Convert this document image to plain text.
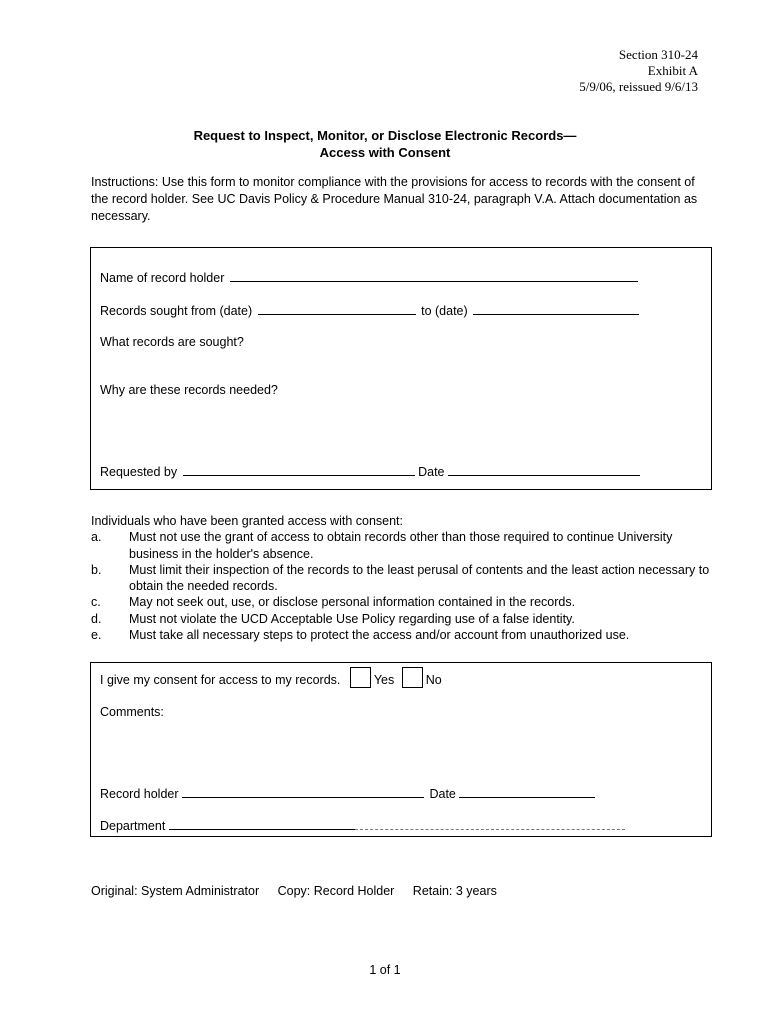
Section 310-24
Exhibit A
5/9/06, reissued 9/6/13
Request to Inspect, Monitor, or Disclose Electronic Records—
Access with Consent
Instructions: Use this form to monitor compliance with the provisions for access to records with the consent of the record holder. See UC Davis Policy & Procedure Manual 310-24, paragraph V.A. Attach documentation as necessary.
Name of record holder
Records sought from (date)	to (date)
What records are sought?
Why are these records needed?
Requested by	Date
Individuals who have been granted access with consent:
a.	Must not use the grant of access to obtain records other than those required to continue University business in the holder's absence.
b.	Must limit their inspection of the records to the least perusal of contents and the least action necessary to obtain the needed records.
c.	May not seek out, use, or disclose personal information contained in the records.
d.	Must not violate the UCD Acceptable Use Policy regarding use of a false identity.
e.	Must take all necessary steps to protect the access and/or account from unauthorized use.
I give my consent for access to my records.	Yes	No
Comments:
Record holder	Date
Department
Original: System Administrator Copy: Record Holder Retain: 3 years
1 of 1
